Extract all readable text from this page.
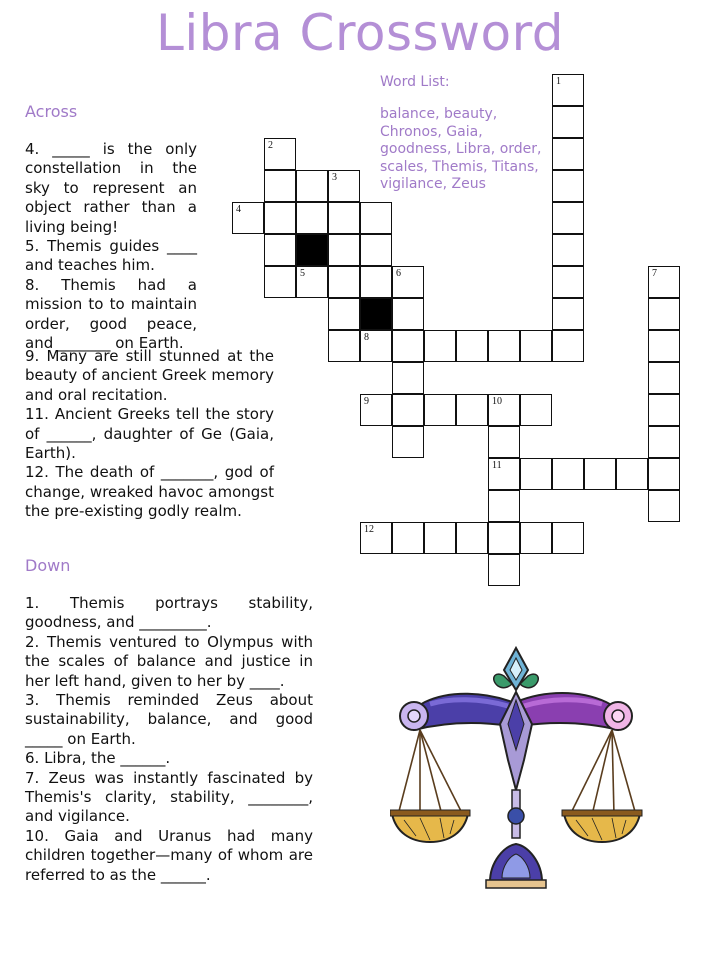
Libra Crossword
Across
4. _____ is the only constellation in the sky to represent an object rather than a living being!
5. Themis guides ____ and teaches him.
8. Themis had a mission to to maintain order, good peace, and _______ on Earth.
9. Many are still stunned at the beauty of ancient Greek memory and oral recitation.
11. Ancient Greeks tell the story of ______, daughter of Ge (Gaia, Earth).
12. The death of _______, god of change, wreaked havoc amongst the pre-existing godly realm.
Down
1. Themis portrays stability, goodness, and _________.
2. Themis ventured to Olympus with the scales of balance and justice in her left hand, given to her by ____.
3. Themis reminded Zeus about sustainability, balance, and good _____ on Earth.
6. Libra, the ______.
7. Zeus was instantly fascinated by Themis's clarity, stability, ________, and vigilance.
10. Gaia and Uranus had many children together—many of whom are referred to as the ______.
Word List:

balance, beauty, Chronos, Gaia, goodness, Libra, order, scales, Themis, Titans, vigilance, Zeus

1
2
3
4
5	6	7
8
9	10
11
12
